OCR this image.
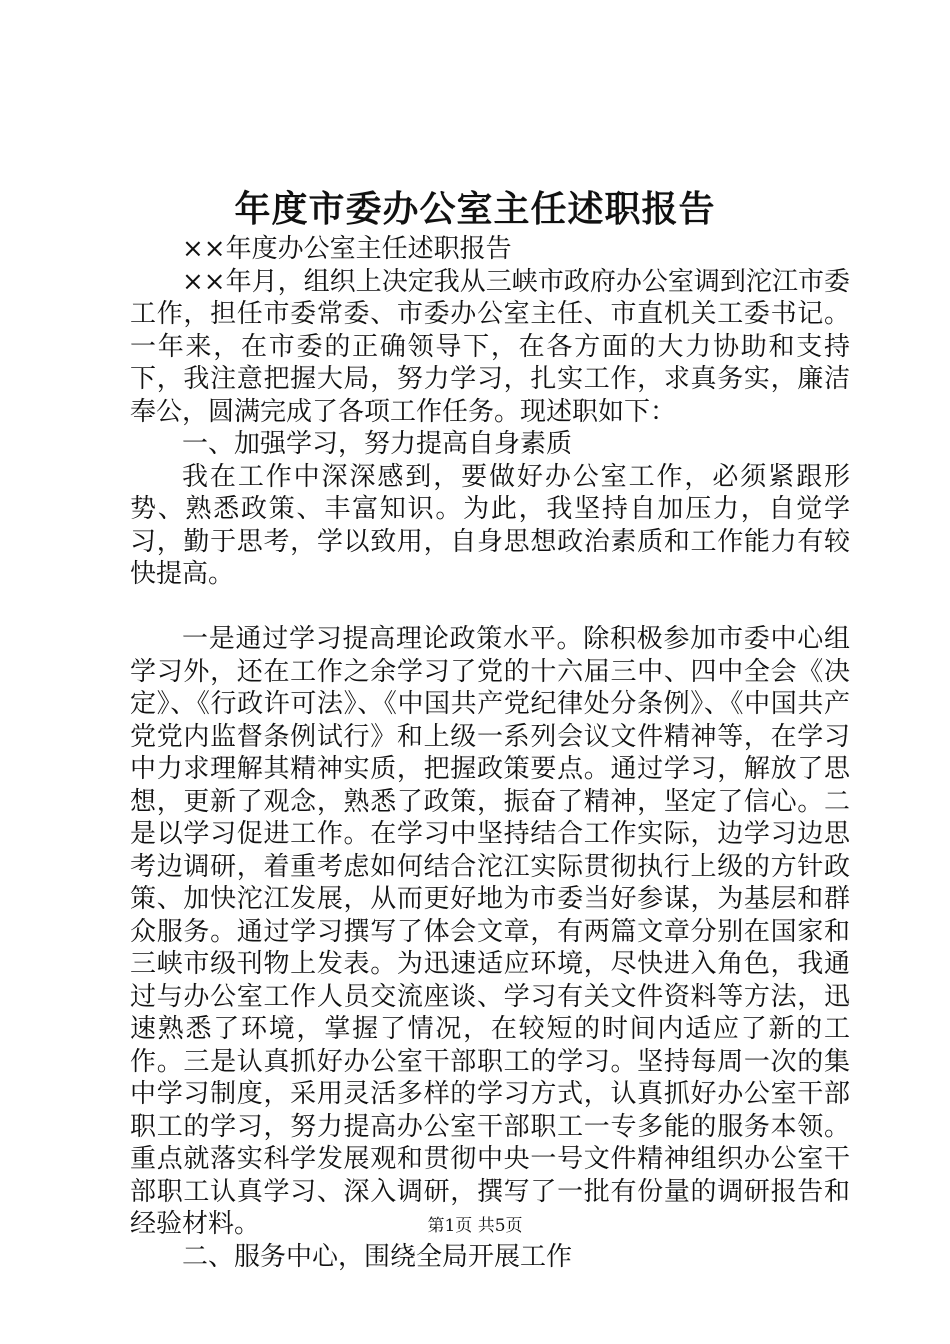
年度市委办公室主任述职报告

××年度办公室主任述职报告

××年月，组织上决定我从三峡市政府办公室调到沱江市委工作，担任市委常委、市委办公室主任、市直机关工委书记。一年来，在市委的正确领导下，在各方面的大力协助和支持下，我注意把握大局，努力学习，扎实工作，求真务实，廉洁奉公，圆满完成了各项工作任务。现述职如下：

一、加强学习，努力提高自身素质

我在工作中深深感到，要做好办公室工作，必须紧跟形势、熟悉政策、丰富知识。为此，我坚持自加压力，自觉学习，勤于思考，学以致用，自身思想政治素质和工作能力有较快提高。

一是通过学习提高理论政策水平。除积极参加市委中心组学习外，还在工作之余学习了党的十六届三中、四中全会《决定》、《行政许可法》、《中国共产党纪律处分条例》、《中国共产党党内监督条例试行》和上级一系列会议文件精神等，在学习中力求理解其精神实质，把握政策要点。通过学习，解放了思想，更新了观念，熟悉了政策，振奋了精神，坚定了信心。二是以学习促进工作。在学习中坚持结合工作实际，边学习边思考边调研，着重考虑如何结合沱江实际贯彻执行上级的方针政策、加快沱江发展，从而更好地为市委当好参谋，为基层和群众服务。通过学习撰写了体会文章，有两篇文章分别在国家和三峡市级刊物上发表。为迅速适应环境，尽快进入角色，我通过与办公室工作人员交流座谈、学习有关文件资料等方法，迅速熟悉了环境，掌握了情况，在较短的时间内适应了新的工作。三是认真抓好办公室干部职工的学习。坚持每周一次的集中学习制度，采用灵活多样的学习方式，认真抓好办公室干部职工的学习，努力提高办公室干部职工一专多能的服务本领。重点就落实科学发展观和贯彻中央一号文件精神组织办公室干部职工认真学习、深入调研，撰写了一批有份量的调研报告和经验材料。

二、服务中心，围绕全局开展工作

第1页 共5页
